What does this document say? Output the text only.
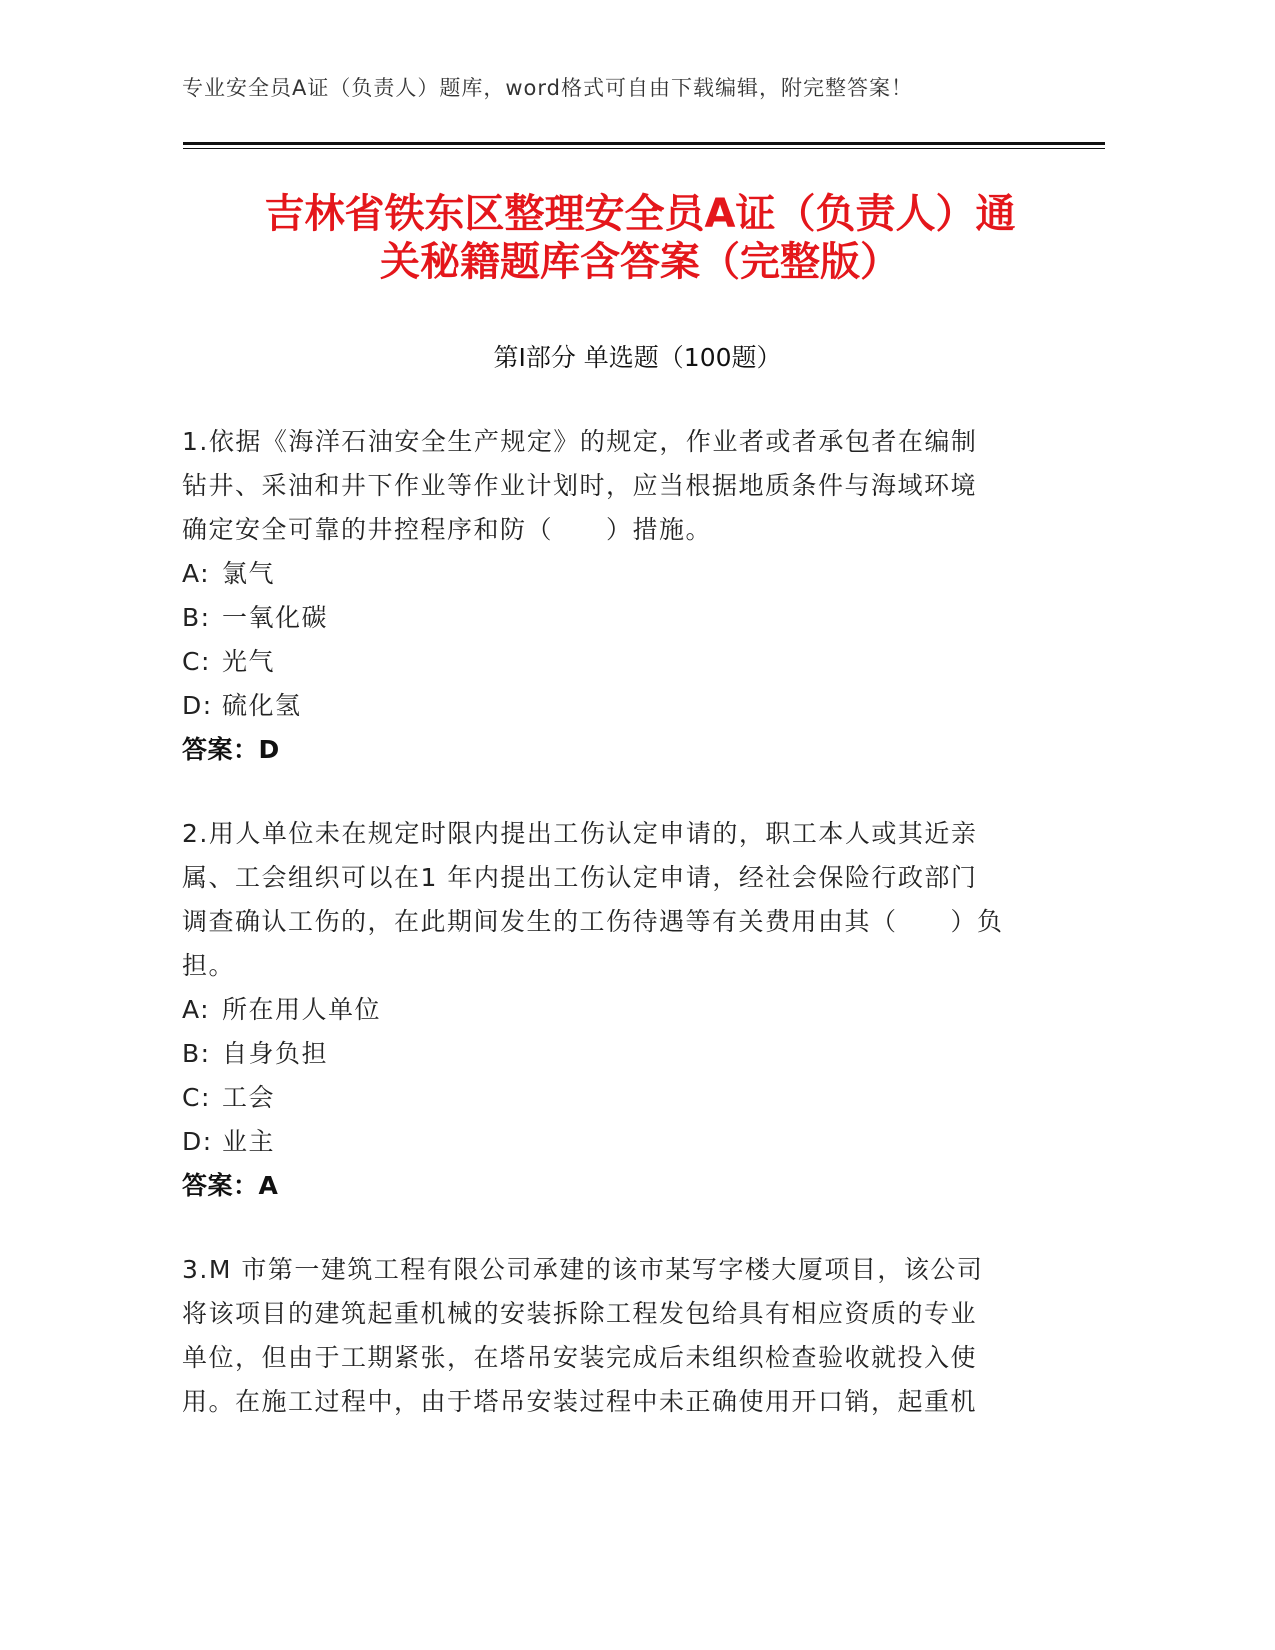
专业安全员A证（负责人）题库，word格式可自由下载编辑，附完整答案！
吉林省铁东区整理安全员A证（负责人）通
关秘籍题库含答案（完整版）
第Ⅰ部分 单选题（100题）
1.依据《海洋石油安全生产规定》的规定，作业者或者承包者在编制
钻井、采油和井下作业等作业计划时，应当根据地质条件与海域环境
确定安全可靠的井控程序和防（　　）措施。
A: 氯气
B: 一氧化碳
C: 光气
D: 硫化氢
答案：D
2.用人单位未在规定时限内提出工伤认定申请的，职工本人或其近亲
属、工会组织可以在1 年内提出工伤认定申请，经社会保险行政部门
调查确认工伤的，在此期间发生的工伤待遇等有关费用由其（　　）负
担。
A: 所在用人单位
B: 自身负担
C: 工会
D: 业主
答案：A
3.M 市第一建筑工程有限公司承建的该市某写字楼大厦项目，该公司
将该项目的建筑起重机械的安装拆除工程发包给具有相应资质的专业
单位，但由于工期紧张，在塔吊安装完成后未组织检查验收就投入使
用。在施工过程中，由于塔吊安装过程中未正确使用开口销，起重机
